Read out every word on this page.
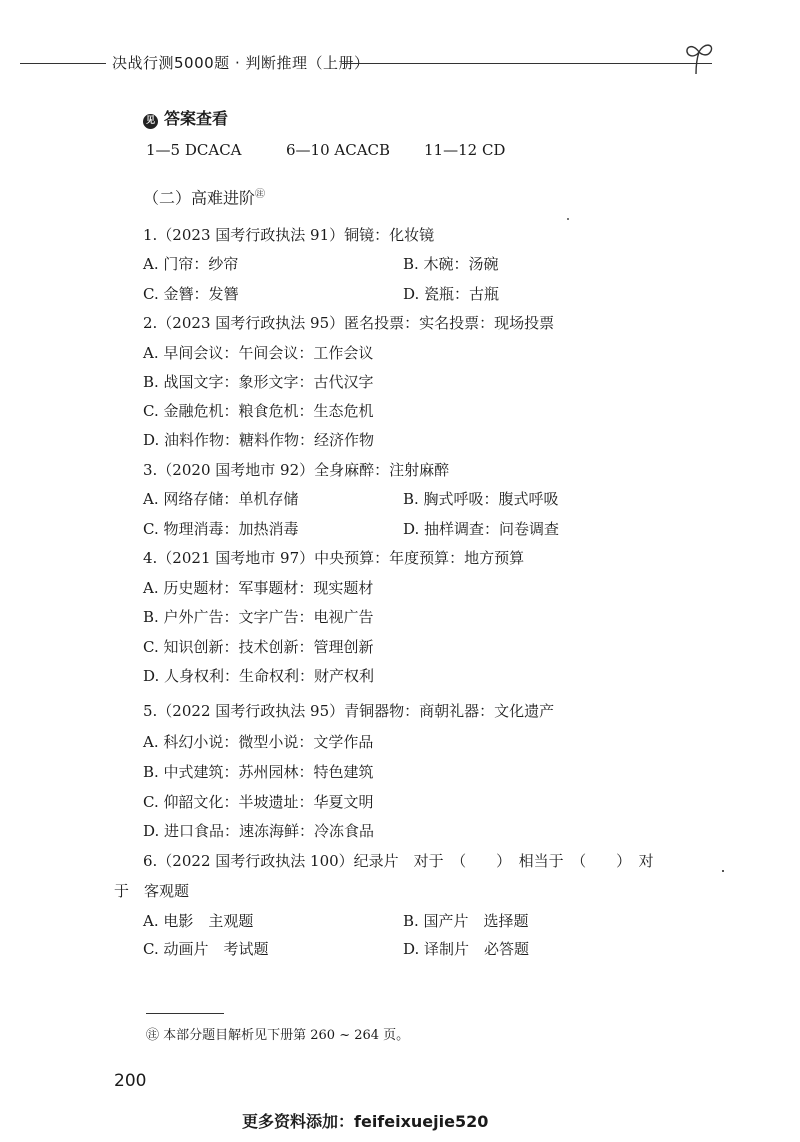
决战行测5000题 · 判断推理（上册）
见 答案查看
1—5 DCACA	6—10 ACACB 11—12 CD
（二）高难进阶㊟
1.（2023 国考行政执法 91）铜镜：化妆镜
A. 门帘：纱帘	B. 木碗：汤碗
C. 金簪：发簪	D. 瓷瓶：古瓶
2.（2023 国考行政执法 95）匿名投票：实名投票：现场投票
A. 早间会议：午间会议：工作会议
B. 战国文字：象形文字：古代汉字
C. 金融危机：粮食危机：生态危机
D. 油料作物：糖料作物：经济作物
3.（2020 国考地市 92）全身麻醉：注射麻醉
A. 网络存储：单机存储	B. 胸式呼吸：腹式呼吸
C. 物理消毒：加热消毒	D. 抽样调查：问卷调查
4.（2021 国考地市 97）中央预算：年度预算：地方预算
A. 历史题材：军事题材：现实题材
B. 户外广告：文字广告：电视广告
C. 知识创新：技术创新：管理创新
D. 人身权利：生命权利：财产权利
5.（2022 国考行政执法 95）青铜器物：商朝礼器：文化遗产
A. 科幻小说：微型小说：文学作品
B. 中式建筑：苏州园林：特色建筑
C. 仰韶文化：半坡遗址：华夏文明
D. 进口食品：速冻海鲜：冷冻食品
6.（2022 国考行政执法 100）纪录片　对于　（　　）　相当于　（　　）　对
于　客观题
A. 电影　主观题	B. 国产片　选择题
C. 动画片　考试题	D. 译制片　必答题
㊟ 本部分题目解析见下册第 260 ~ 264 页。
200
更多资料添加：feifeixuejie520
